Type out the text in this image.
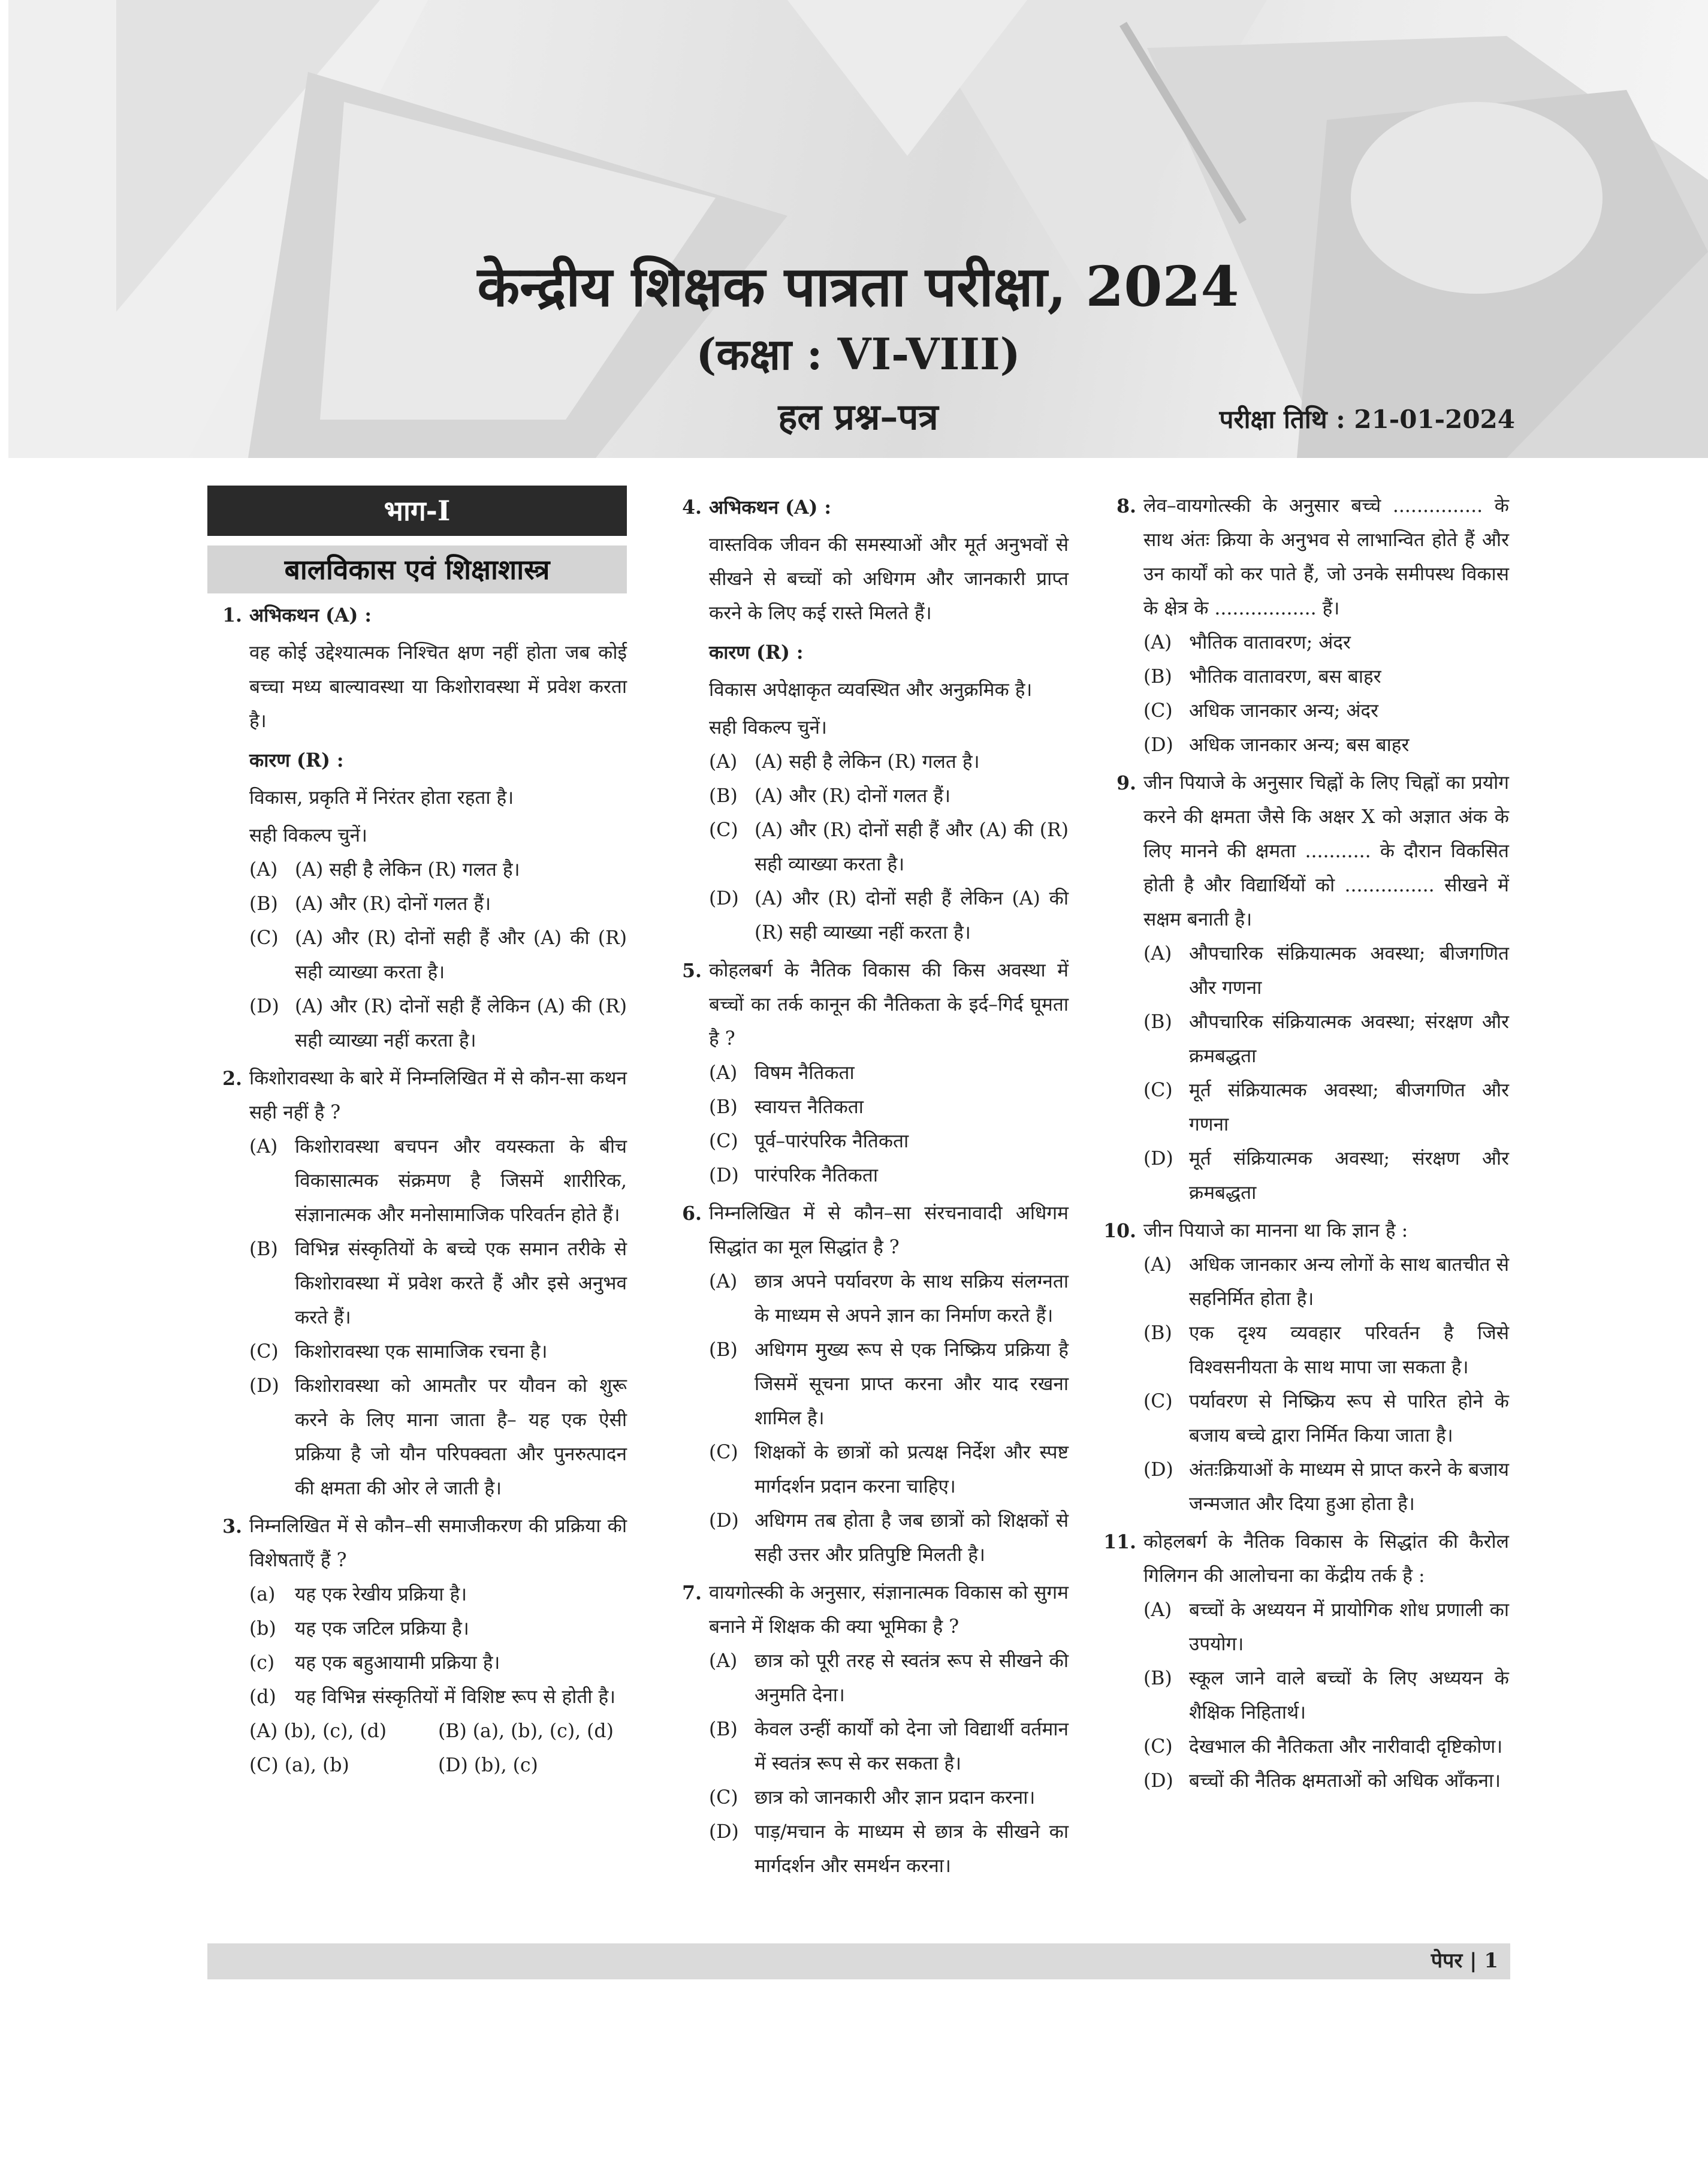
केन्द्रीय शिक्षक पात्रता परीक्षा, 2024
(कक्षा : VI-VIII)
हल प्रश्न–पत्र	परीक्षा तिथि : 21-01-2024
भाग-I
बालविकास एवं शिक्षाशास्त्र
1. अभिकथन (A) :
वह कोई उद्देश्यात्मक निश्चित क्षण नहीं होता जब कोई बच्चा मध्य बाल्यावस्था या किशोरावस्था में प्रवेश करता है।
कारण (R) :
विकास, प्रकृति में निरंतर होता रहता है।
सही विकल्प चुनें।
(A) (A) सही है लेकिन (R) गलत है।
(B) (A) और (R) दोनों गलत हैं।
(C) (A) और (R) दोनों सही हैं और (A) की (R) सही व्याख्या करता है।
(D) (A) और (R) दोनों सही हैं लेकिन (A) की (R) सही व्याख्या नहीं करता है।
2. किशोरावस्था के बारे में निम्नलिखित में से कौन-सा कथन सही नहीं है ?
(A) किशोरावस्था बचपन और वयस्कता के बीच विकासात्मक संक्रमण है जिसमें शारीरिक, संज्ञानात्मक और मनोसामाजिक परिवर्तन होते हैं।
(B) विभिन्न संस्कृतियों के बच्चे एक समान तरीके से किशोरावस्था में प्रवेश करते हैं और इसे अनुभव करते हैं।
(C) किशोरावस्था एक सामाजिक रचना है।
(D) किशोरावस्था को आमतौर पर यौवन को शुरू करने के लिए माना जाता है– यह एक ऐसी प्रक्रिया है जो यौन परिपक्वता और पुनरुत्पादन की क्षमता की ओर ले जाती है।
3. निम्नलिखित में से कौन–सी समाजीकरण की प्रक्रिया की विशेषताएँ हैं ?
(a) यह एक रेखीय प्रक्रिया है।
(b) यह एक जटिल प्रक्रिया है।
(c) यह एक बहुआयामी प्रक्रिया है।
(d) यह विभिन्न संस्कृतियों में विशिष्ट रूप से होती है।
(A) (b), (c), (d)	(B) (a), (b), (c), (d)
(C) (a), (b)	(D) (b), (c)
4. अभिकथन (A) :
वास्तविक जीवन की समस्याओं और मूर्त अनुभवों से सीखने से बच्चों को अधिगम और जानकारी प्राप्त करने के लिए कई रास्ते मिलते हैं।
कारण (R) :
विकास अपेक्षाकृत व्यवस्थित और अनुक्रमिक है।
सही विकल्प चुनें।
(A) (A) सही है लेकिन (R) गलत है।
(B) (A) और (R) दोनों गलत हैं।
(C) (A) और (R) दोनों सही हैं और (A) की (R) सही व्याख्या करता है।
(D) (A) और (R) दोनों सही हैं लेकिन (A) की (R) सही व्याख्या नहीं करता है।
5. कोहलबर्ग के नैतिक विकास की किस अवस्था में बच्चों का तर्क कानून की नैतिकता के इर्द–गिर्द घूमता है ?
(A) विषम नैतिकता
(B) स्वायत्त नैतिकता
(C) पूर्व–पारंपरिक नैतिकता
(D) पारंपरिक नैतिकता
6. निम्नलिखित में से कौन–सा संरचनावादी अधिगम सिद्धांत का मूल सिद्धांत है ?
(A) छात्र अपने पर्यावरण के साथ सक्रिय संलग्नता के माध्यम से अपने ज्ञान का निर्माण करते हैं।
(B) अधिगम मुख्य रूप से एक निष्क्रिय प्रक्रिया है जिसमें सूचना प्राप्त करना और याद रखना शामिल है।
(C) शिक्षकों के छात्रों को प्रत्यक्ष निर्देश और स्पष्ट मार्गदर्शन प्रदान करना चाहिए।
(D) अधिगम तब होता है जब छात्रों को शिक्षकों से सही उत्तर और प्रतिपुष्टि मिलती है।
7. वायगोत्स्की के अनुसार, संज्ञानात्मक विकास को सुगम बनाने में शिक्षक की क्या भूमिका है ?
(A) छात्र को पूरी तरह से स्वतंत्र रूप से सीखने की अनुमति देना।
(B) केवल उन्हीं कार्यों को देना जो विद्यार्थी वर्तमान में स्वतंत्र रूप से कर सकता है।
(C) छात्र को जानकारी और ज्ञान प्रदान करना।
(D) पाड़/मचान के माध्यम से छात्र के सीखने का मार्गदर्शन और समर्थन करना।
8. लेव–वायगोत्स्की के अनुसार बच्चे ............... के साथ अंतः क्रिया के अनुभव से लाभान्वित होते हैं और उन कार्यों को कर पाते हैं, जो उनके समीपस्थ विकास के क्षेत्र के ................. हैं।
(A) भौतिक वातावरण; अंदर
(B) भौतिक वातावरण, बस बाहर
(C) अधिक जानकार अन्य; अंदर
(D) अधिक जानकार अन्य; बस बाहर
9. जीन पियाजे के अनुसार चिह्नों के लिए चिह्नों का प्रयोग करने की क्षमता जैसे कि अक्षर X को अज्ञात अंक के लिए मानने की क्षमता ........... के दौरान विकसित होती है और विद्यार्थियों को ............... सीखने में सक्षम बनाती है।
(A) औपचारिक संक्रियात्मक अवस्था; बीजगणित और गणना
(B) औपचारिक संक्रियात्मक अवस्था; संरक्षण और क्रमबद्धता
(C) मूर्त संक्रियात्मक अवस्था; बीजगणित और गणना
(D) मूर्त संक्रियात्मक अवस्था; संरक्षण और क्रमबद्धता
10. जीन पियाजे का मानना था कि ज्ञान है :
(A) अधिक जानकार अन्य लोगों के साथ बातचीत से सहनिर्मित होता है।
(B) एक दृश्य व्यवहार परिवर्तन है जिसे विश्वसनीयता के साथ मापा जा सकता है।
(C) पर्यावरण से निष्क्रिय रूप से पारित होने के बजाय बच्चे द्वारा निर्मित किया जाता है।
(D) अंतःक्रियाओं के माध्यम से प्राप्त करने के बजाय जन्मजात और दिया हुआ होता है।
11. कोहलबर्ग के नैतिक विकास के सिद्धांत की कैरोल गिलिगन की आलोचना का केंद्रीय तर्क है :
(A) बच्चों के अध्ययन में प्रायोगिक शोध प्रणाली का उपयोग।
(B) स्कूल जाने वाले बच्चों के लिए अध्ययन के शैक्षिक निहितार्थ।
(C) देखभाल की नैतिकता और नारीवादी दृष्टिकोण।
(D) बच्चों की नैतिक क्षमताओं को अधिक आँकना।
पेपर | 1
